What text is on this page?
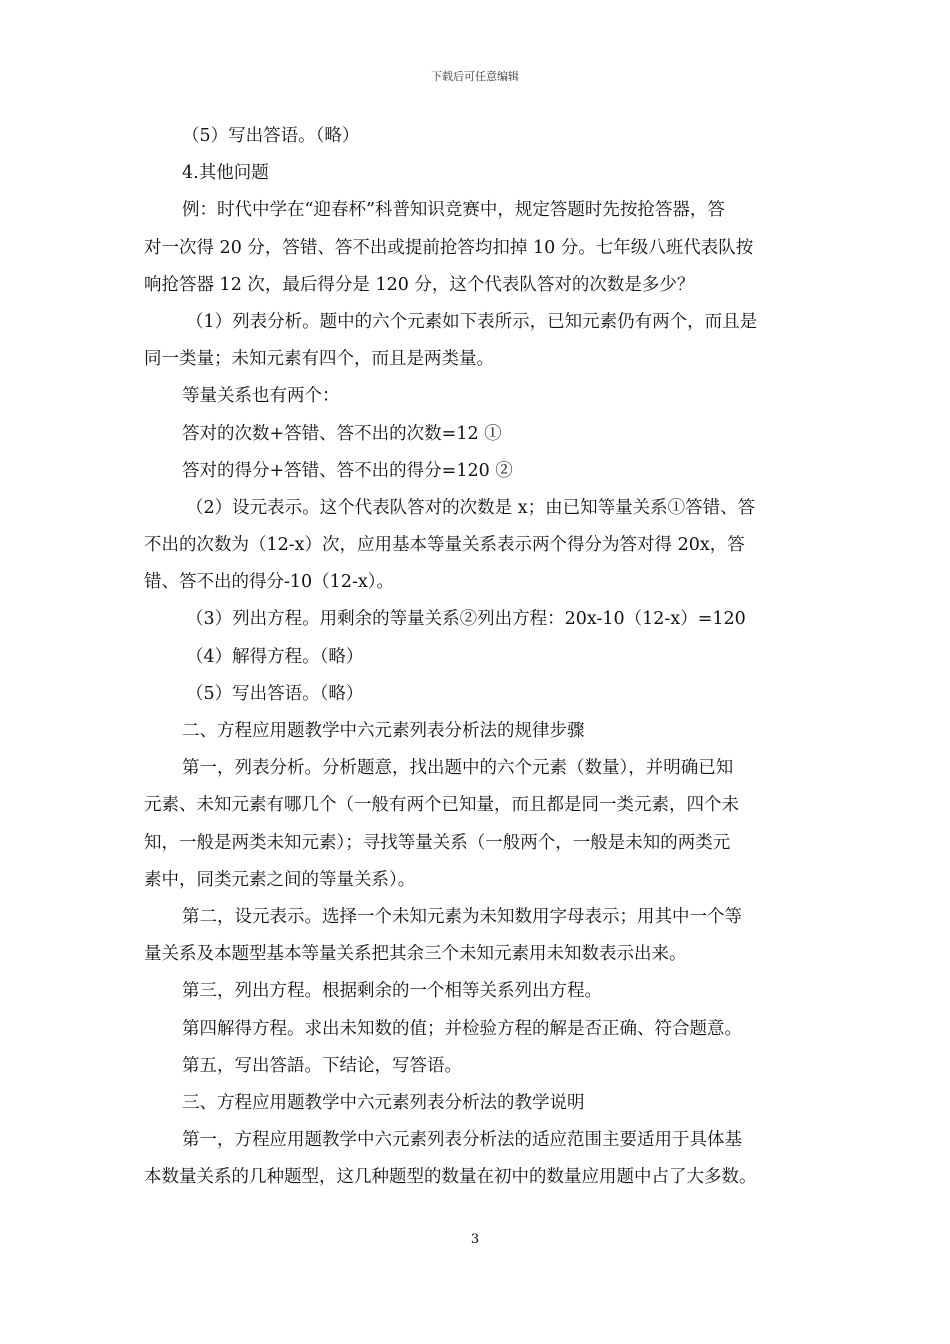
下载后可任意编辑
（5）写出答语。（略）
4.其他问题
例：时代中学在“迎春杯”科普知识竞赛中，规定答题时先按抢答器，答
对一次得 20 分，答错、答不出或提前抢答均扣掉 10 分。七年级八班代表队按
响抢答器 12 次，最后得分是 120 分，这个代表队答对的次数是多少？
（1）列表分析。题中的六个元素如下表所示，已知元素仍有两个，而且是
同一类量；未知元素有四个，而且是两类量。
等量关系也有两个：
答对的次数+答错、答不出的次数=12 ①
答对的得分+答错、答不出的得分=120 ②
（2）设元表示。这个代表队答对的次数是 x；由已知等量关系①答错、答
不出的次数为（12-x）次，应用基本等量关系表示两个得分为答对得 20x，答
错、答不出的得分-10（12-x）。
（3）列出方程。用剩余的等量关系②列出方程：20x-10（12-x）=120
（4）解得方程。（略）
（5）写出答语。（略）
二、方程应用题教学中六元素列表分析法的规律步骤
第一，列表分析。分析题意，找出题中的六个元素（数量），并明确已知
元素、未知元素有哪几个（一般有两个已知量，而且都是同一类元素，四个未
知，一般是两类未知元素）；寻找等量关系（一般两个，一般是未知的两类元
素中，同类元素之间的等量关系）。
第二，设元表示。选择一个未知元素为未知数用字母表示；用其中一个等
量关系及本题型基本等量关系把其余三个未知元素用未知数表示出来。
第三，列出方程。根据剩余的一个相等关系列出方程。
第四解得方程。求出未知数的值；并检验方程的解是否正确、符合题意。
第五，写出答語。下结论，写答语。
三、方程应用题教学中六元素列表分析法的教学说明
第一，方程应用题教学中六元素列表分析法的适应范围主要适用于具体基
本数量关系的几种题型，这几种题型的数量在初中的数量应用题中占了大多数。
3
